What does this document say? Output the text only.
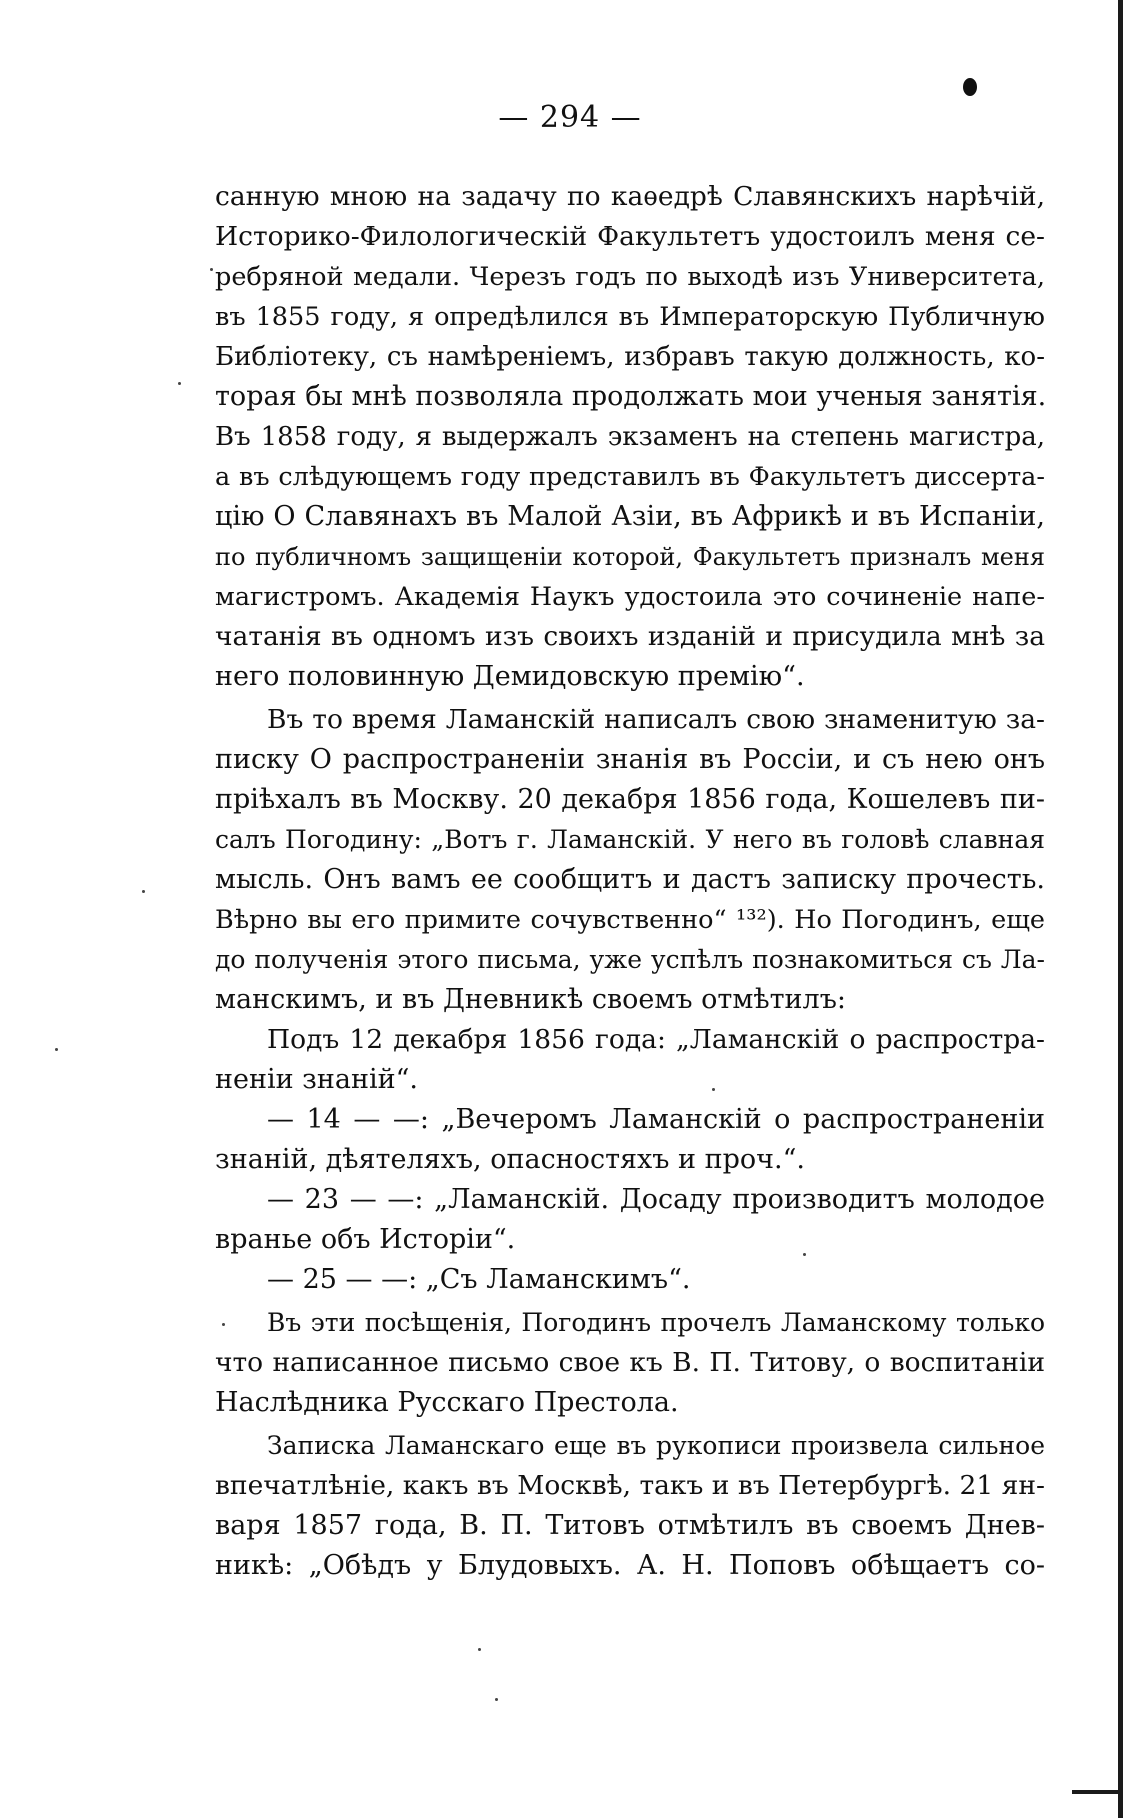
— 294 —
санную мною на задачу по каѳедрѣ Славянскихъ нарѣчій,
Историко-Филологическій Факультетъ удостоилъ меня се-
ребряной медали. Черезъ годъ по выходѣ изъ Университета,
въ 1855 году, я опредѣлился въ Императорскую Публичную
Библіотеку, съ намѣреніемъ, избравъ такую должность, ко-
торая бы мнѣ позволяла продолжать мои ученыя занятія.
Въ 1858 году, я выдержалъ экзаменъ на степень магистра,
а въ слѣдующемъ году представилъ въ Факультетъ диссерта-
цію О Славянахъ въ Малой Азіи, въ Африкѣ и въ Испаніи,
по публичномъ защищеніи которой, Факультетъ призналъ меня
магистромъ. Академія Наукъ удостоила это сочиненіе напе-
чатанія въ одномъ изъ своихъ изданій и присудила мнѣ за
него половинную Демидовскую премію“.
Въ то время Ламанскій написалъ свою знаменитую за-
писку О распространеніи знанія въ Россіи, и съ нею онъ
пріѣхалъ въ Москву. 20 декабря 1856 года, Кошелевъ пи-
салъ Погодину: „Вотъ г. Ламанскій. У него въ головѣ славная
мысль. Онъ вамъ ее сообщитъ и дастъ записку прочесть.
Вѣрно вы его примите сочувственно“ ¹³²). Но Погодинъ, еще
до полученія этого письма, уже успѣлъ познакомиться съ Ла-
манскимъ, и въ Дневникѣ своемъ отмѣтилъ:
Подъ 12 декабря 1856 года: „Ламанскій о распростра-
неніи знаній“.
— 14 — —: „Вечеромъ Ламанскій о распространеніи
знаній, дѣятеляхъ, опасностяхъ и проч.“.
— 23 — —: „Ламанскій. Досаду производитъ молодое
вранье объ Исторіи“.
— 25 — —: „Съ Ламанскимъ“.
Въ эти посѣщенія, Погодинъ прочелъ Ламанскому только
что написанное письмо свое къ В. П. Титову, о воспитаніи
Наслѣдника Русскаго Престола.
Записка Ламанскаго еще въ рукописи произвела сильное
впечатлѣніе, какъ въ Москвѣ, такъ и въ Петербургѣ. 21 ян-
варя 1857 года, В. П. Титовъ отмѣтилъ въ своемъ Днев-
никѣ: „Обѣдъ у Блудовыхъ. А. Н. Поповъ обѣщаетъ со-
